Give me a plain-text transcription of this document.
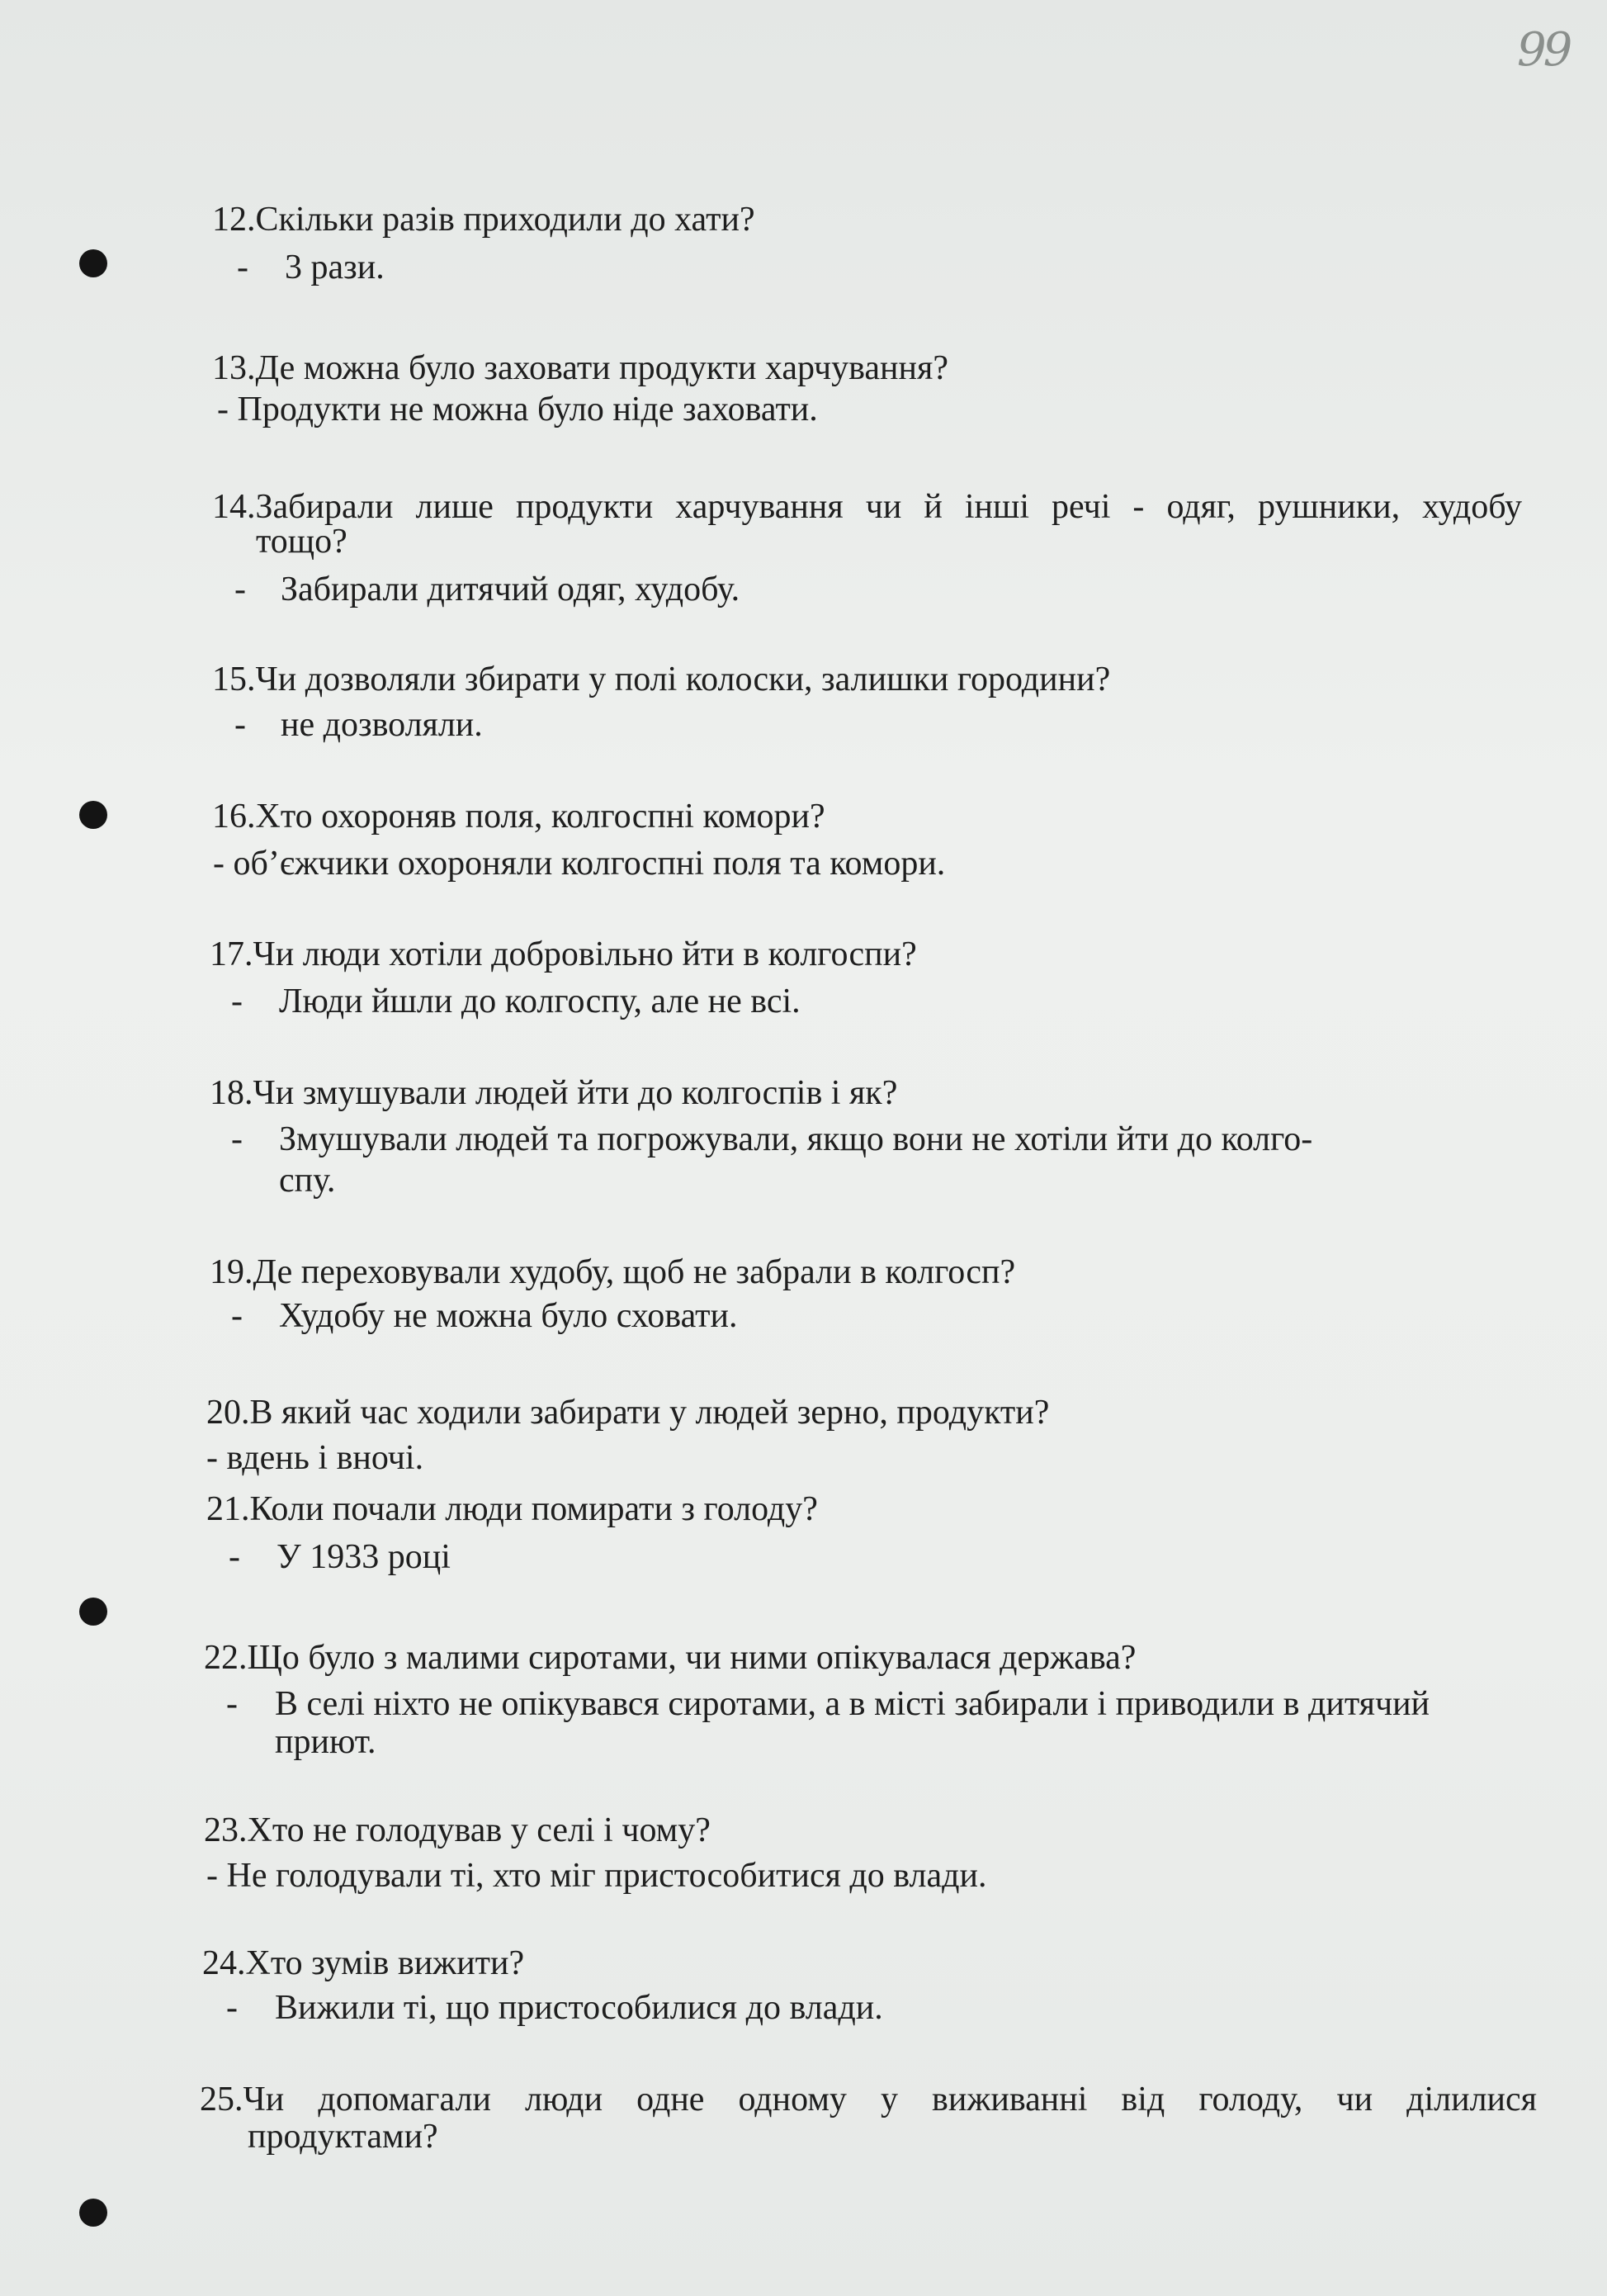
99
12.Скільки разів приходили до хати?
- 3 рази.
13.Де можна було заховати продукти харчування?
- Продукти не можна було ніде заховати.
14.Забирали лише продукти харчування чи й інші речі - одяг, рушники, худобу
тощо?
- Забирали дитячий одяг, худобу.
15.Чи дозволяли збирати у полі колоски, залишки городини?
- не дозволяли.
16.Хто охороняв поля, колгоспні комори?
- об’єжчики охороняли колгоспні поля та комори.
17.Чи люди хотіли добровільно йти в колгоспи?
- Люди йшли до колгоспу, але не всі.
18.Чи змушували людей йти до колгоспів і як?
- Змушували людей та погрожували, якщо вони не хотіли йти до колго-
спу.
19.Де переховували худобу, щоб не забрали в колгосп?
- Худобу не можна було сховати.
20.В який час ходили забирати у людей зерно, продукти?
- вдень і вночі.
21.Коли почали люди помирати з голоду?
- У 1933 році
22.Що було з малими сиротами, чи ними опікувалася держава?
- В селі ніхто не опікувався сиротами, а в місті забирали і приводили в дитячий
приют.
23.Хто не голодував у селі і чому?
- Не голодували ті, хто міг пристособитися до влади.
24.Хто зумів вижити?
- Вижили ті, що пристособилися до влади.
25.Чи допомагали люди одне одному у виживанні від голоду, чи ділилися
продуктами?
